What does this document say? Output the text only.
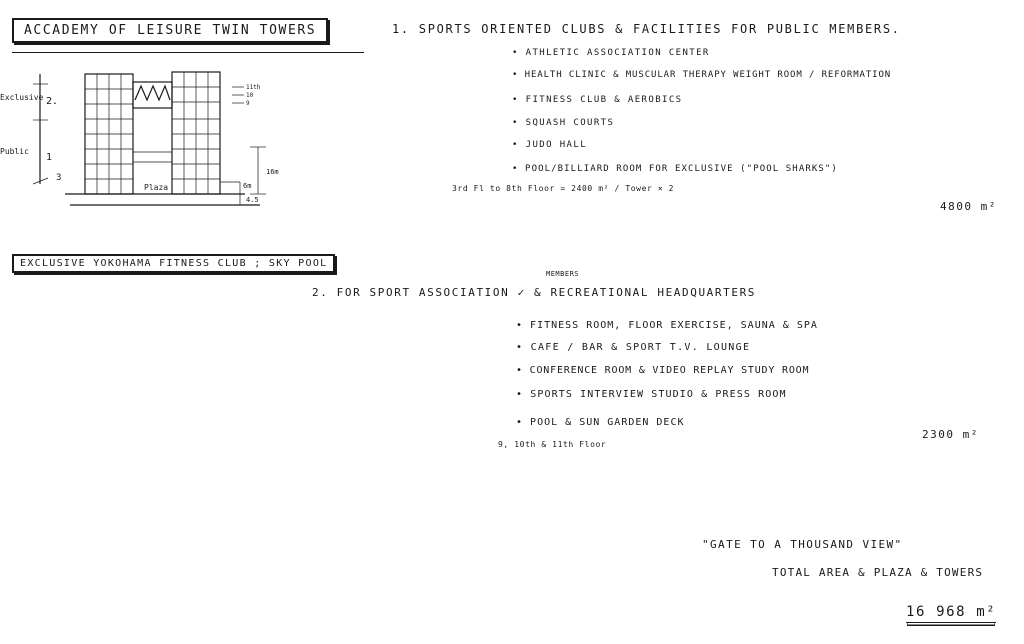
ACCADEMY OF LEISURE TWIN TOWERS
Exclusive 2.
Public
1
3
11th
10
9
Plaza
16m
6m
4.5
1. SPORTS ORIENTED CLUBS & FACILITIES FOR PUBLIC MEMBERS.
• ATHLETIC ASSOCIATION CENTER
• HEALTH CLINIC & MUSCULAR THERAPY WEIGHT ROOM / REFORMATION
• FITNESS CLUB & AEROBICS
• SQUASH COURTS
• JUDO HALL
• POOL/BILLIARD ROOM FOR EXCLUSIVE ("POOL SHARKS")
3rd Fl to 8th Floor = 2400 m² / Tower × 2
4800 m²
EXCLUSIVE YOKOHAMA FITNESS CLUB ; SKY POOL
MEMBERS
2. FOR SPORT ASSOCIATION ✓ & RECREATIONAL HEADQUARTERS
• FITNESS ROOM, FLOOR EXERCISE, SAUNA & SPA
• CAFE / BAR & SPORT T.V. LOUNGE
• CONFERENCE ROOM & VIDEO REPLAY STUDY ROOM
• SPORTS INTERVIEW STUDIO & PRESS ROOM
• POOL & SUN GARDEN DECK
9, 10th & 11th Floor
2300 m²
"GATE TO A THOUSAND VIEW"
TOTAL AREA & PLAZA & TOWERS
16 968 m²
